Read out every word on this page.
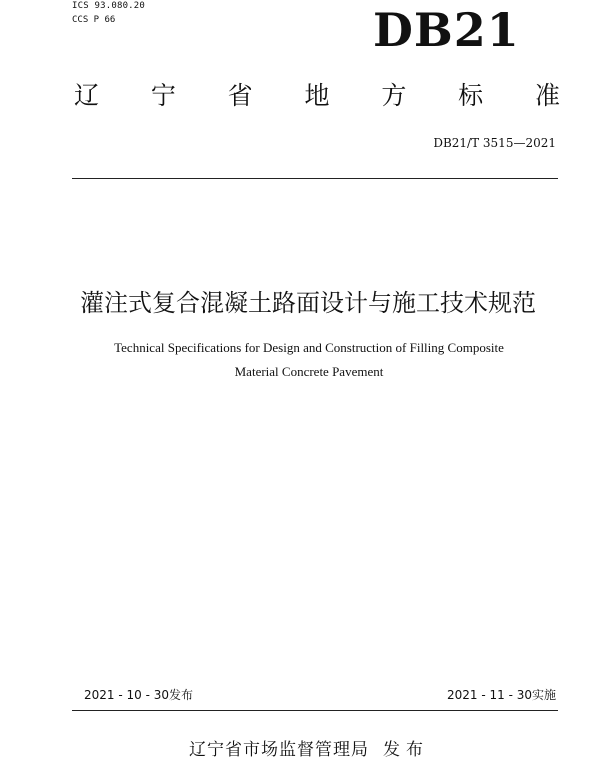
ICS 93.080.20
CCS P 66	DB21
辽 宁 省 地 方 标 准
DB21/T 3515—2021
灌注式复合混凝土路面设计与施工技术规范
Technical Specifications for Design and Construction of Filling Composite
Material Concrete Pavement
2021 - 10 - 30发布	2021 - 11 - 30实施
辽宁省市场监督管理局 发布
